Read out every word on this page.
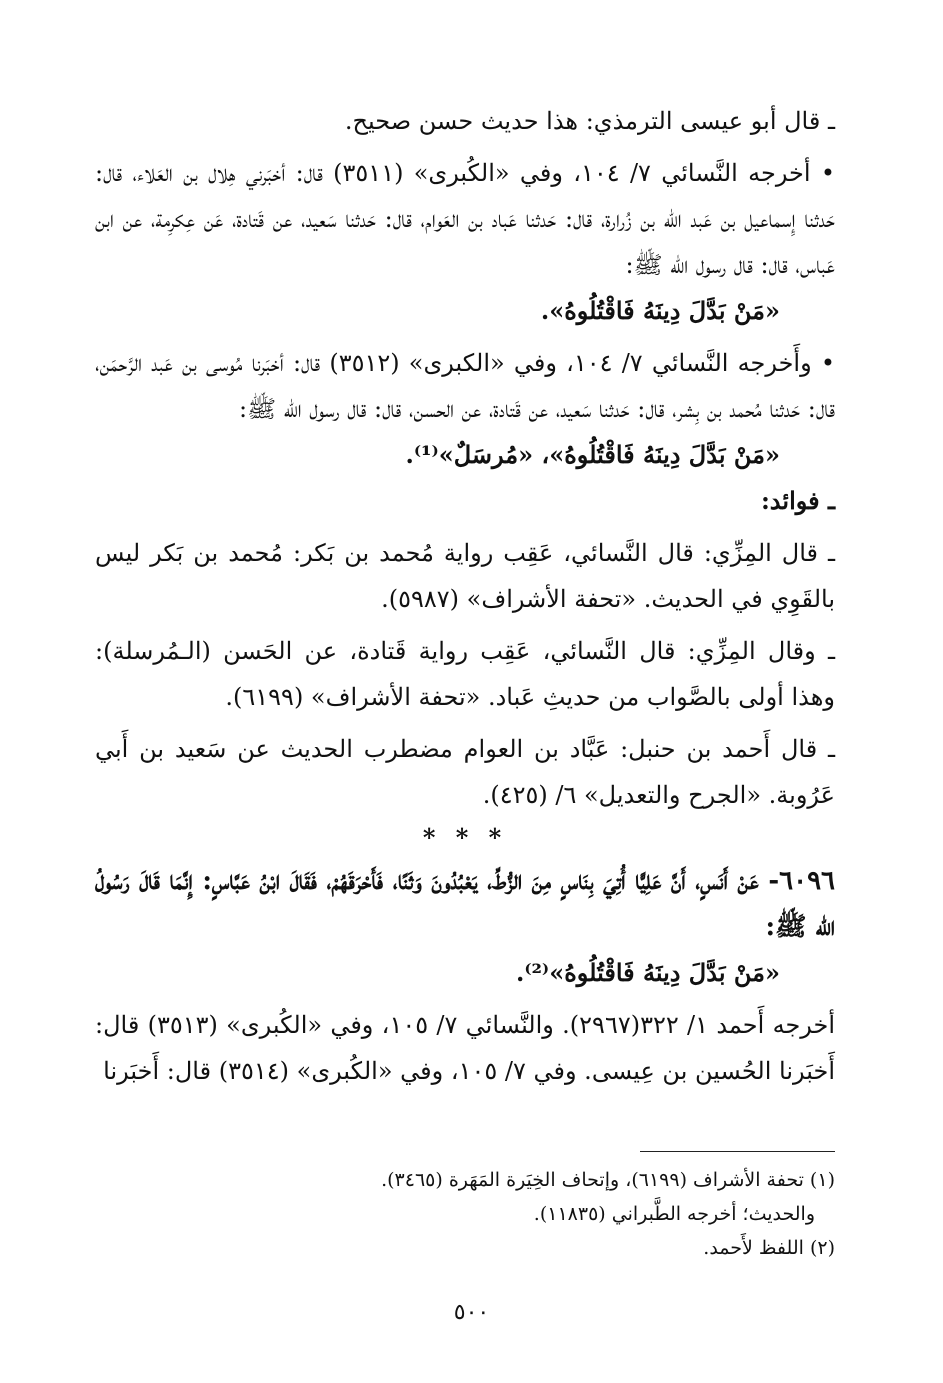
ـ قال أبو عيسى الترمذي: هذا حديث حسن صحيح.

• أخرجه النَّسائي ٧/ ١٠٤، وفي «الكُبرى» (٣٥١١) قال: أخبَرني هِلال بن العَلاء، قال: حَدثنا إِسماعيل بن عَبد الله بن زُرارة، قال: حَدثنا عَباد بن العَوام، قال: حَدثنا سَعيد، عن قَتادة، عَن عِكرِمة، عن ابن عَباس، قال: قال رسول الله ﷺ:

«مَنْ بَدَّلَ دِينَهُ فَاقْتُلُوهُ».

• وأَخرجه النَّسائي ٧/ ١٠٤، وفي «الكبرى» (٣٥١٢) قال: أخبَرنا مُوسى بن عَبد الرَّحمَن، قال: حَدثنا مُحمد بن بِشر، قال: حَدثنا سَعيد، عن قَتادة، عن الحسن، قال: قال رسول الله ﷺ:

«مَنْ بَدَّلَ دِينَهُ فَاقْتُلُوهُ»، «مُرسَلٌ»⁽¹⁾.

ـ فوائد:

ـ قال المِزِّي: قال النَّسائي، عَقِب رواية مُحمد بن بَكر: مُحمد بن بَكر ليس بالقَوِي في الحديث. «تحفة الأشراف» (٥٩٨٧).

ـ وقال المِزِّي: قال النَّسائي، عَقِب رواية قَتادة، عن الحَسن (الـمُرسلة): وهذا أولى بالصَّواب من حديثِ عَباد. «تحفة الأشراف» (٦١٩٩).

ـ قال أَحمد بن حنبل: عَبَّاد بن العوام مضطرب الحديث عن سَعيد بن أَبي عَرُوبة. «الجرح والتعديل» ٦/ (٤٢٥).

* * *

٦٠٩٦- عَنْ أَنَسٍ، أَنَّ عَلِيًّا أُتِيَ بِنَاسٍ مِنَ الزُّطِّ، يَعْبُدُونَ وَثَنًا، فَأَحْرَقَهُمْ، فَقَالَ ابْنُ عَبَّاسٍ: إِنَّمَا قَالَ رَسُولُ الله ﷺ:

«مَنْ بَدَّلَ دِينَهُ فَاقْتُلُوهُ»⁽²⁾.

أخرجه أَحمد ١/ ٣٢٢(٢٩٦٧). والنَّسائي ٧/ ١٠٥، وفي «الكُبرى» (٣٥١٣) قال: أَخبَرنا الحُسين بن عِيسى. وفي ٧/ ١٠٥، وفي «الكُبرى» (٣٥١٤) قال: أَخبَرنا

(١) تحفة الأشراف (٦١٩٩)، وإتحاف الخِيَرة المَهَرة (٣٤٦٥).

والحديث؛ أخرجه الطَّبراني (١١٨٣٥).

(٢) اللفظ لأَحمد.

٥٠٠
